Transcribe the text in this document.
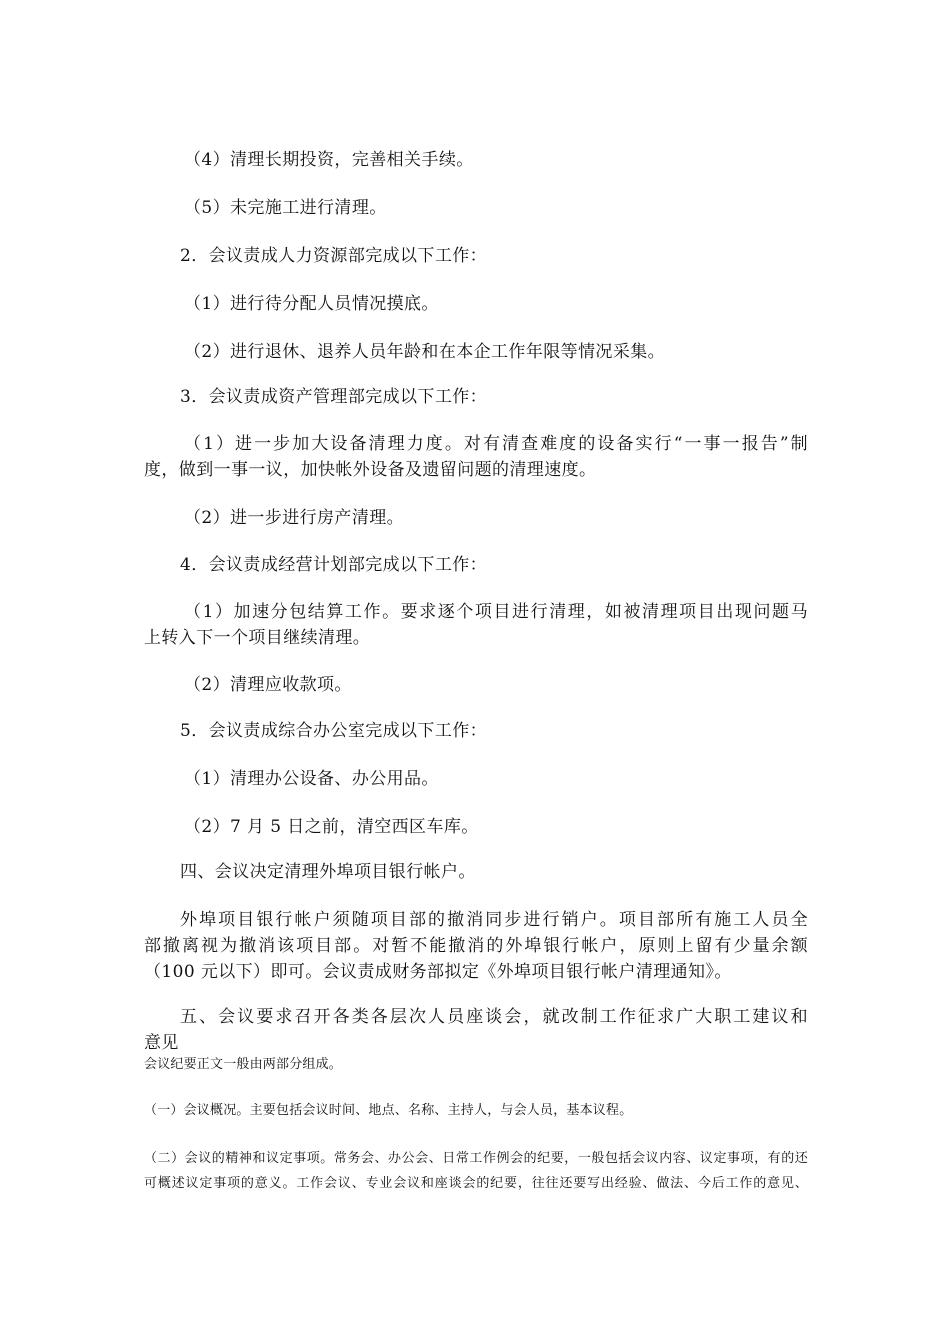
（4）清理长期投资，完善相关手续。
（5）未完施工进行清理。
2．会议责成人力资源部完成以下工作：
（1）进行待分配人员情况摸底。
（2）进行退休、退养人员年龄和在本企工作年限等情况采集。
3．会议责成资产管理部完成以下工作：
（1）进一步加大设备清理力度。对有清查难度的设备实行“一事一报告”制
度，做到一事一议，加快帐外设备及遗留问题的清理速度。
（2）进一步进行房产清理。
4．会议责成经营计划部完成以下工作：
（1）加速分包结算工作。要求逐个项目进行清理，如被清理项目出现问题马
上转入下一个项目继续清理。
（2）清理应收款项。
5．会议责成综合办公室完成以下工作：
（1）清理办公设备、办公用品。
（2）7 月 5 日之前，清空西区车库。
四、会议决定清理外埠项目银行帐户。
外埠项目银行帐户须随项目部的撤消同步进行销户。项目部所有施工人员全
部撤离视为撤消该项目部。对暂不能撤消的外埠银行帐户，原则上留有少量余额
（100 元以下）即可。会议责成财务部拟定《外埠项目银行帐户清理通知》。
五、会议要求召开各类各层次人员座谈会，就改制工作征求广大职工建议和
意见
会议纪要正文一般由两部分组成。
（一）会议概况。主要包括会议时间、地点、名称、主持人，与会人员，基本议程。
（二）会议的精神和议定事项。常务会、办公会、日常工作例会的纪要，一般包括会议内容、议定事项，有的还
可概述议定事项的意义。工作会议、专业会议和座谈会的纪要，往往还要写出经验、做法、今后工作的意见、
